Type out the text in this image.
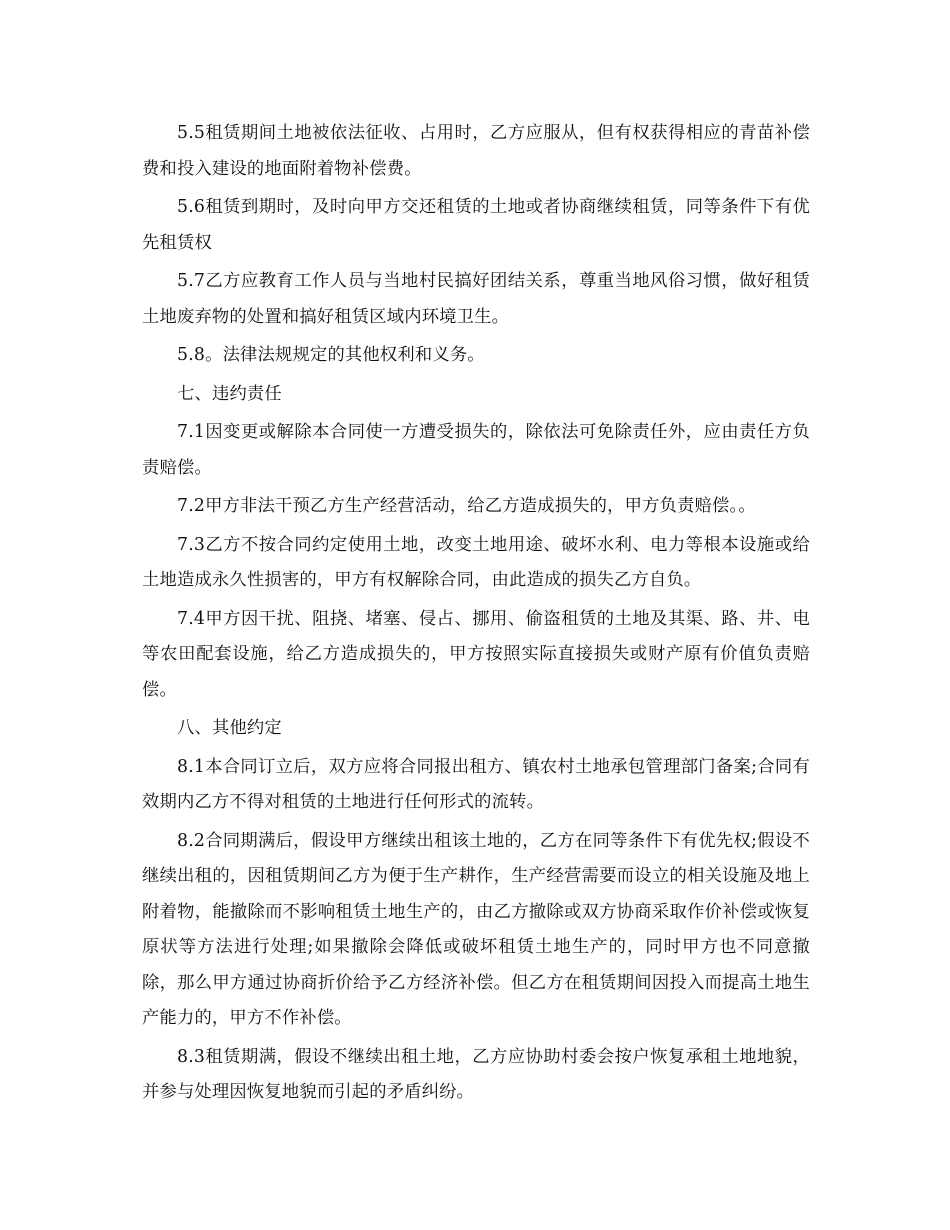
5.5租赁期间土地被依法征收、占用时，乙方应服从，但有权获得相应的青苗补偿费和投入建设的地面附着物补偿费。

5.6租赁到期时，及时向甲方交还租赁的土地或者协商继续租赁，同等条件下有优先租赁权

5.7乙方应教育工作人员与当地村民搞好团结关系，尊重当地风俗习惯，做好租赁土地废弃物的处置和搞好租赁区域内环境卫生。

5.8。法律法规规定的其他权利和义务。

七、违约责任

7.1因变更或解除本合同使一方遭受损失的，除依法可免除责任外，应由责任方负责赔偿。

7.2甲方非法干预乙方生产经营活动，给乙方造成损失的，甲方负责赔偿。。

7.3乙方不按合同约定使用土地，改变土地用途、破坏水利、电力等根本设施或给土地造成永久性损害的，甲方有权解除合同，由此造成的损失乙方自负。

7.4甲方因干扰、阻挠、堵塞、侵占、挪用、偷盗租赁的土地及其渠、路、井、电等农田配套设施，给乙方造成损失的，甲方按照实际直接损失或财产原有价值负责赔偿。

八、其他约定

8.1本合同订立后，双方应将合同报出租方、镇农村土地承包管理部门备案;合同有效期内乙方不得对租赁的土地进行任何形式的流转。

8.2合同期满后，假设甲方继续出租该土地的，乙方在同等条件下有优先权;假设不继续出租的，因租赁期间乙方为便于生产耕作，生产经营需要而设立的相关设施及地上附着物，能撤除而不影响租赁土地生产的，由乙方撤除或双方协商采取作价补偿或恢复原状等方法进行处理;如果撤除会降低或破坏租赁土地生产的，同时甲方也不同意撤除，那么甲方通过协商折价给予乙方经济补偿。但乙方在租赁期间因投入而提高土地生产能力的，甲方不作补偿。

8.3租赁期满，假设不继续出租土地，乙方应协助村委会按户恢复承租土地地貌，并参与处理因恢复地貌而引起的矛盾纠纷。
